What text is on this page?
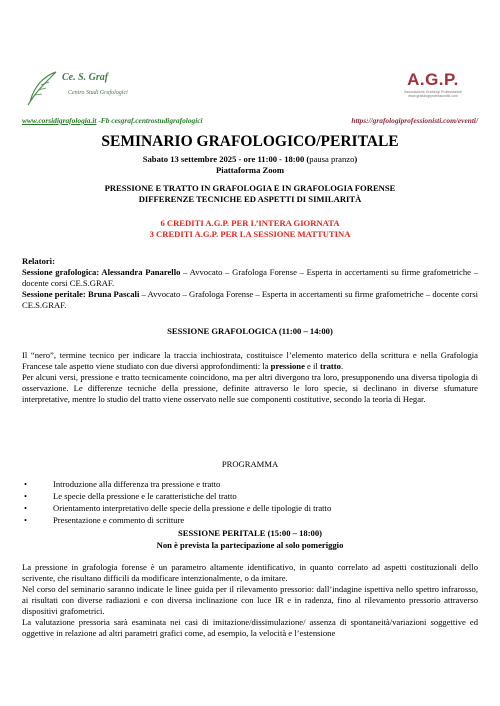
Ce. S. Graf
Centro Studi Grafologici
A.G.P.
Associazione Grafologi Professionisti
www.grafologiprofessionisti.com
www.corsidigrafologia.it -Fb cesgraf.centrostudigrafologici	https://grafologiprofessionisti.com/eventi/
SEMINARIO GRAFOLOGICO/PERITALE
Sabato 13 settembre 2025 - ore 11:00 - 18:00 (pausa pranzo)
Piattaforma Zoom
PRESSIONE E TRATTO IN GRAFOLOGIA E IN GRAFOLOGIA FORENSE
DIFFERENZE TECNICHE ED ASPETTI DI SIMILARITÀ
6 CREDITI A.G.P. PER L’INTERA GIORNATA
3 CREDITI A.G.P. PER LA SESSIONE MATTUTINA
Relatori:
Sessione grafologica: Alessandra Panarello – Avvocato – Grafologa Forense – Esperta in accertamenti su firme grafometriche – docente corsi CE.S.GRAF.
Sessione peritale: Bruna Pascali – Avvocato – Grafologa Forense – Esperta in accertamenti su firme grafometriche – docente corsi CE.S.GRAF.
SESSIONE GRAFOLOGICA (11:00 – 14:00)
Il “nero”, termine tecnico per indicare la traccia inchiostrata, costituisce l’elemento materico della scrittura e nella Grafologia Francese tale aspetto viene studiato con due diversi approfondimenti: la pressione e il tratto.
Per alcuni versi, pressione e tratto tecnicamente coincidono, ma per altri divergono tra loro, presupponendo una diversa tipologia di osservazione. Le differenze tecniche della pressione, definite attraverso le loro specie, si declinano in diverse sfumature interpretative, mentre lo studio del tratto viene osservato nelle sue componenti costitutive, secondo la teoria di Hegar.
PROGRAMMA
• Introduzione alla differenza tra pressione e tratto
• Le specie della pressione e le caratteristiche del tratto
• Orientamento interpretativo delle specie della pressione e delle tipologie di tratto
• Presentazione e commento di scritture
SESSIONE PERITALE (15:00 – 18:00)
Non è prevista la partecipazione al solo pomeriggio
La pressione in grafologia forense è un parametro altamente identificativo, in quanto correlato ad aspetti costituzionali dello scrivente, che risultano difficili da modificare intenzionalmente, o da imitare.
Nel corso del seminario saranno indicate le linee guida per il rilevamento pressorio: dall’indagine ispettiva nello spettro infrarosso, ai risultati con diverse radiazioni e con diversa inclinazione con luce IR e in radenza, fino al rilevamento pressorio attraverso dispositivi grafometrici.
La valutazione pressoria sarà esaminata nei casi di imitazione/dissimulazione/ assenza di spontaneità/variazioni soggettive ed oggettive in relazione ad altri parametri grafici come, ad esempio, la velocità e l’estensione
